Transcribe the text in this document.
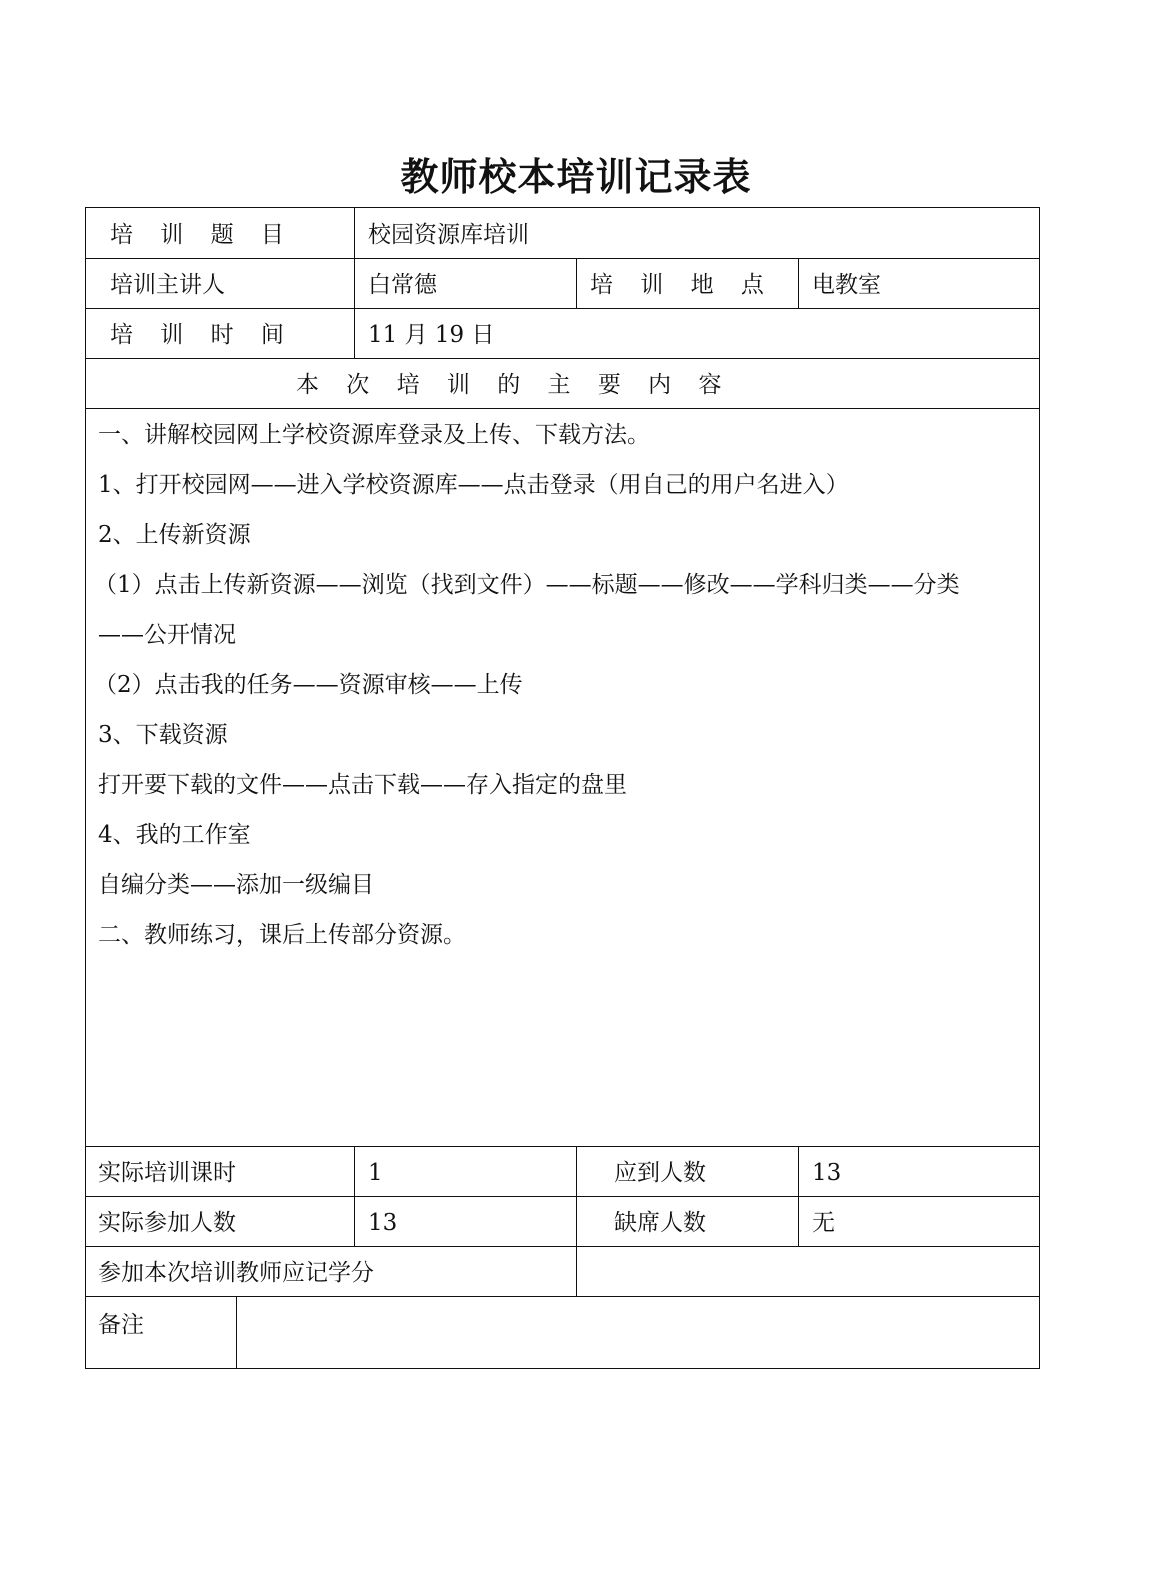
教师校本培训记录表
培 训 题 目	校园资源库培训
培训主讲人	白常德	培 训 地 点 电教室
培 训 时 间	11 月 19 日
本 次 培 训 的 主 要 内 容
一、讲解校园网上学校资源库登录及上传、下载方法。
1、打开校园网——进入学校资源库——点击登录（用自己的用户名进入）
2、上传新资源
（1）点击上传新资源——浏览（找到文件）——标题——修改——学科归类——分类
——公开情况
（2）点击我的任务——资源审核——上传
3、下载资源
打开要下载的文件——点击下载——存入指定的盘里
4、我的工作室
自编分类——添加一级编目
二、教师练习，课后上传部分资源。
实际培训课时	1	应到人数	13
实际参加人数	13	缺席人数	无
参加本次培训教师应记学分
备注
